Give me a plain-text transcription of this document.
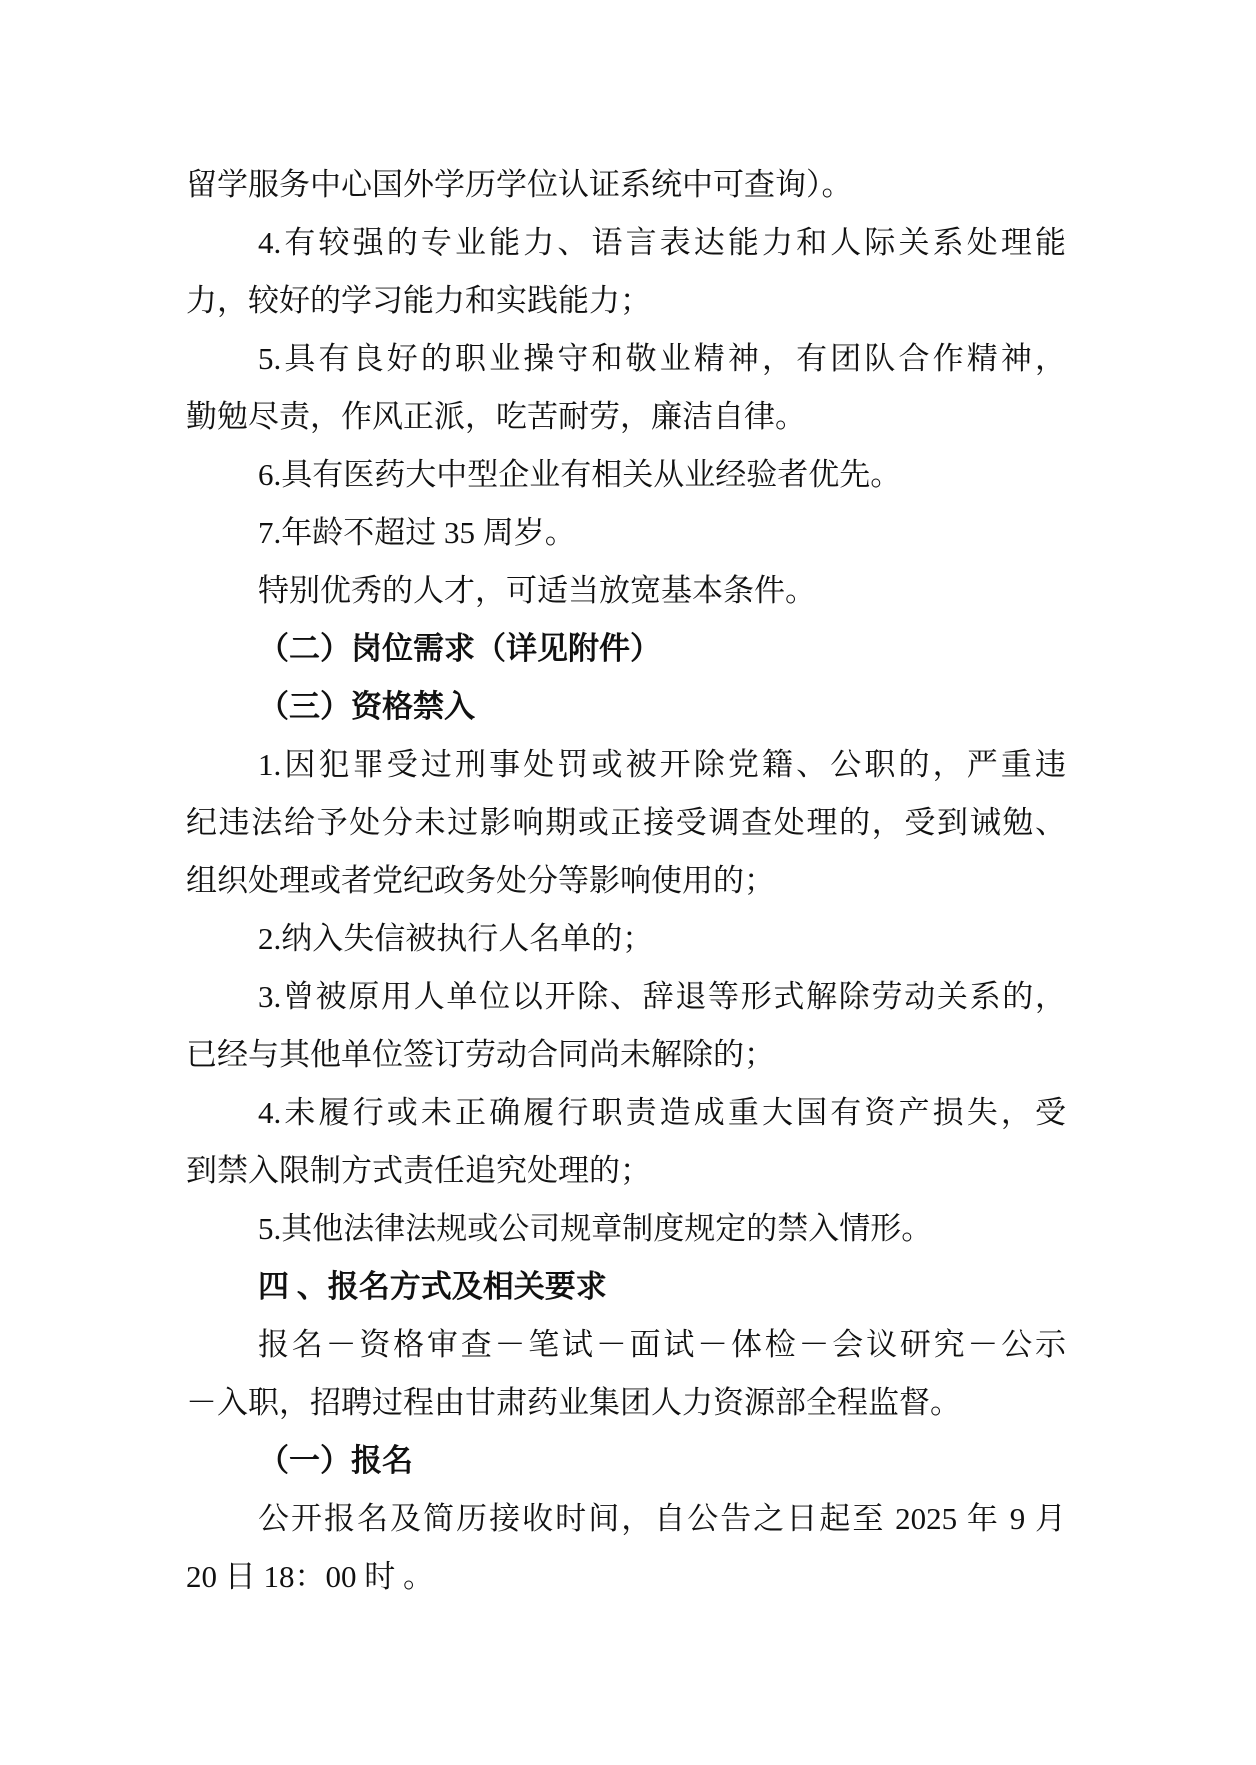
留学服务中心国外学历学位认证系统中可查询）。
4.有较强的专业能力、语言表达能力和人际关系处理能
力，较好的学习能力和实践能力；
5.具有良好的职业操守和敬业精神，有团队合作精神，
勤勉尽责，作风正派，吃苦耐劳，廉洁自律。
6.具有医药大中型企业有相关从业经验者优先。
7.年龄不超过 35 周岁。
特别优秀的人才，可适当放宽基本条件。
（二）岗位需求（详见附件）
（三）资格禁入
1.因犯罪受过刑事处罚或被开除党籍、公职的，严重违
纪违法给予处分未过影响期或正接受调查处理的，受到诫勉、
组织处理或者党纪政务处分等影响使用的；
2.纳入失信被执行人名单的；
3.曾被原用人单位以开除、辞退等形式解除劳动关系的，
已经与其他单位签订劳动合同尚未解除的；
4.未履行或未正确履行职责造成重大国有资产损失，受
到禁入限制方式责任追究处理的；
5.其他法律法规或公司规章制度规定的禁入情形。
四 、报名方式及相关要求
报名－资格审查－笔试－面试－体检－会议研究－公示
－入职，招聘过程由甘肃药业集团人力资源部全程监督。
（一）报名
公开报名及简历接收时间，自公告之日起至 2025 年 9 月
20 日 18：00 时 。
